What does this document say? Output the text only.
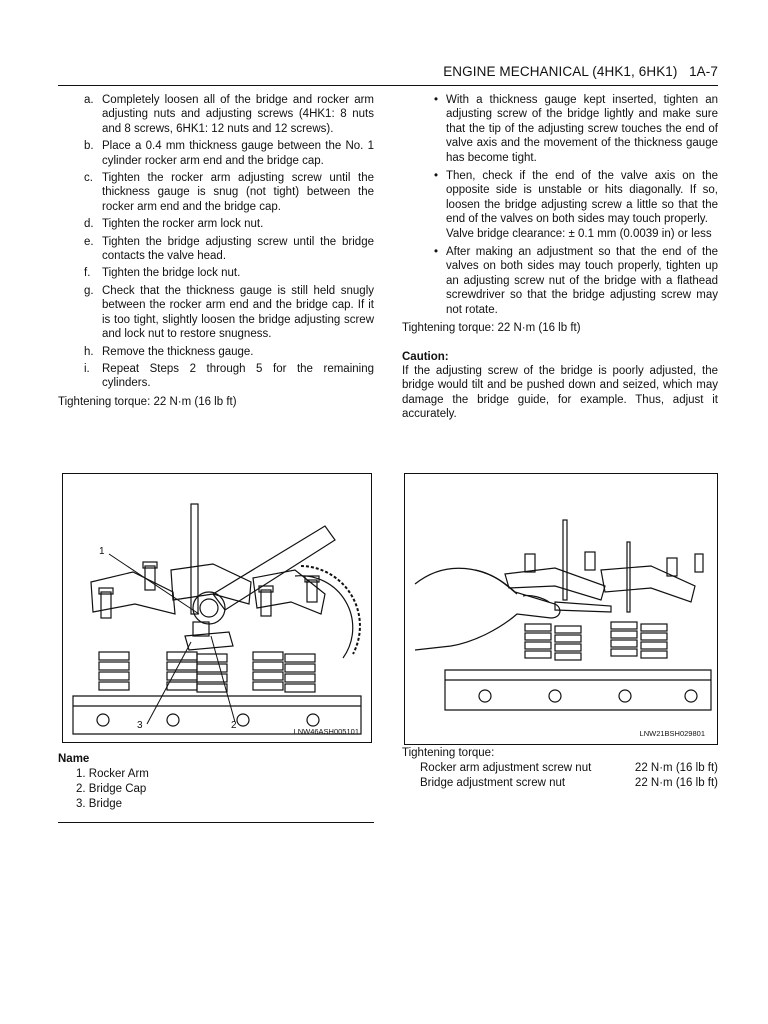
ENGINE MECHANICAL (4HK1, 6HK1) 1A-7
a. Completely loosen all of the bridge and rocker arm adjusting nuts and adjusting screws (4HK1: 8 nuts and 8 screws, 6HK1: 12 nuts and 12 screws).
b. Place a 0.4 mm thickness gauge between the No. 1 cylinder rocker arm end and the bridge cap.
c. Tighten the rocker arm adjusting screw until the thickness gauge is snug (not tight) between the rocker arm end and the bridge cap.
d. Tighten the rocker arm lock nut.
e. Tighten the bridge adjusting screw until the bridge contacts the valve head.
f. Tighten the bridge lock nut.
g. Check that the thickness gauge is still held snugly between the rocker arm end and the bridge cap. If it is too tight, slightly loosen the bridge adjusting screw and lock nut to restore snugness.
h. Remove the thickness gauge.
i. Repeat Steps 2 through 5 for the remaining cylinders.
Tightening torque: 22 N·m (16 lb ft)
• With a thickness gauge kept inserted, tighten an adjusting screw of the bridge lightly and make sure that the tip of the adjusting screw touches the end of valve axis and the movement of the thickness gauge has become tight.
• Then, check if the end of the valve axis on the opposite side is unstable or hits diagonally. If so, loosen the bridge adjusting screw a little so that the end of the valves on both sides may touch properly.
Valve bridge clearance: ± 0.1 mm (0.0039 in) or less
• After making an adjustment so that the end of the valves on both sides may touch properly, tighten up an adjusting screw nut of the bridge with a flathead screwdriver so that the bridge adjusting screw may not rotate.
Tightening torque: 22 N·m (16 lb ft)
Caution:
If the adjusting screw of the bridge is poorly adjusted, the bridge would tilt and be pushed down and seized, which may damage the bridge guide, for example. Thus, adjust it accurately.
1
2
3
LNW46ASH005101	LNW21BSH029801
Name
1. Rocker Arm
2. Bridge Cap
3. Bridge
Tightening torque:
Rocker arm adjustment screw nut	22 N·m (16 lb ft)
Bridge adjustment screw nut	22 N·m (16 lb ft)
